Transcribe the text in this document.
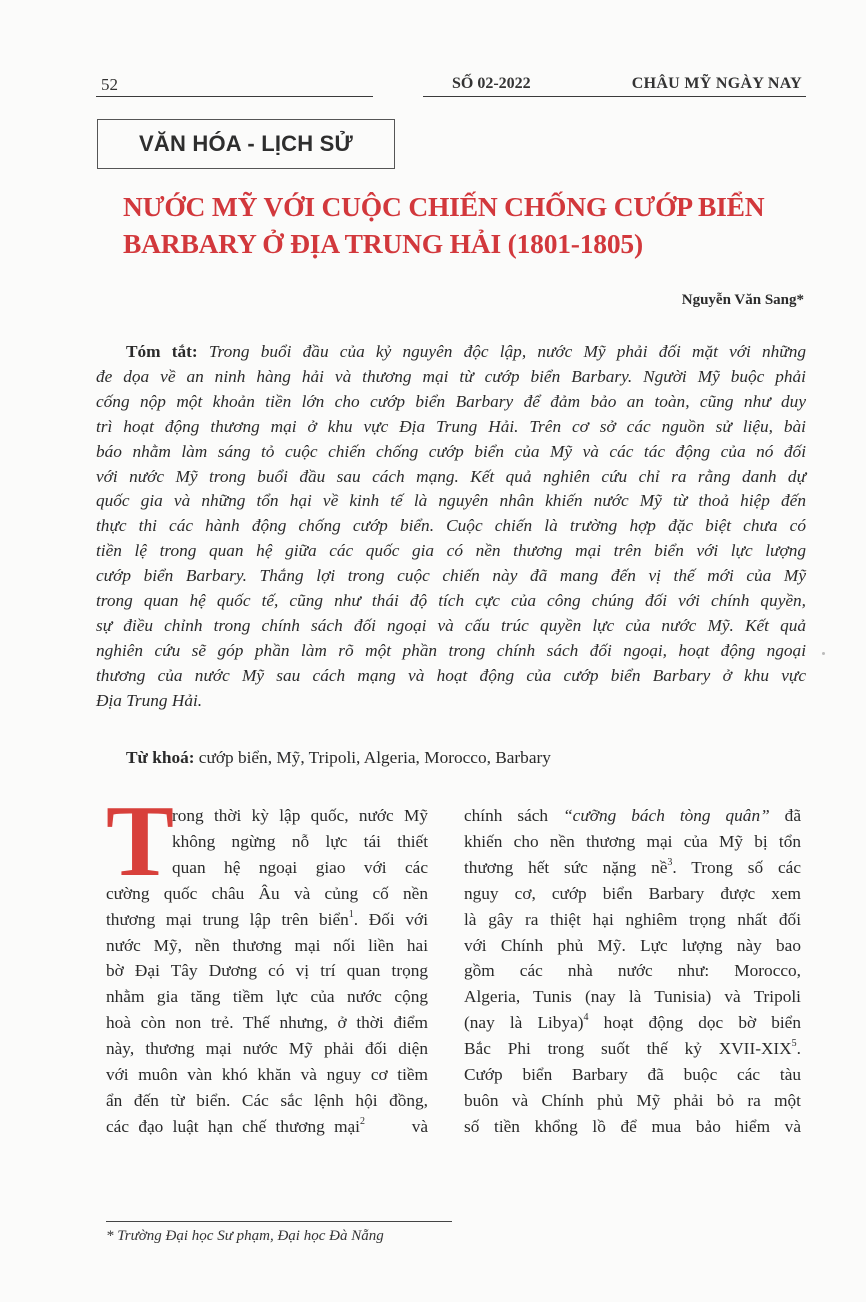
52	SỐ 02-2022	CHÂU MỸ NGÀY NAY
VĂN HÓA - LỊCH SỬ
NƯỚC MỸ VỚI CUỘC CHIẾN CHỐNG CƯỚP BIỂN
BARBARY Ở ĐỊA TRUNG HẢI (1801-1805)
Nguyễn Văn Sang*
Tóm tắt: Trong buổi đầu của kỷ nguyên độc lập, nước Mỹ phải đối mặt với những
đe dọa về an ninh hàng hải và thương mại từ cướp biển Barbary. Người Mỹ buộc phải
cống nộp một khoản tiền lớn cho cướp biển Barbary để đảm bảo an toàn, cũng như duy
trì hoạt động thương mại ở khu vực Địa Trung Hải. Trên cơ sở các nguồn sử liệu, bài
báo nhằm làm sáng tỏ cuộc chiến chống cướp biển của Mỹ và các tác động của nó đối
với nước Mỹ trong buổi đầu sau cách mạng. Kết quả nghiên cứu chỉ ra rằng danh dự
quốc gia và những tổn hại về kinh tế là nguyên nhân khiến nước Mỹ từ thoả hiệp đến
thực thi các hành động chống cướp biển. Cuộc chiến là trường hợp đặc biệt chưa có
tiền lệ trong quan hệ giữa các quốc gia có nền thương mại trên biển với lực lượng
cướp biển Barbary. Thắng lợi trong cuộc chiến này đã mang đến vị thế mới của Mỹ
trong quan hệ quốc tế, cũng như thái độ tích cực của công chúng đối với chính quyền,
sự điều chỉnh trong chính sách đối ngoại và cấu trúc quyền lực của nước Mỹ. Kết quả
nghiên cứu sẽ góp phần làm rõ một phần trong chính sách đối ngoại, hoạt động ngoại
thương của nước Mỹ sau cách mạng và hoạt động của cướp biển Barbary ở khu vực
Địa Trung Hải.
Từ khoá: cướp biển, Mỹ, Tripoli, Algeria, Morocco, Barbary
T
rong thời kỳ lập quốc, nước Mỹ
không ngừng nỗ lực tái thiết
quan hệ ngoại giao với các
cường quốc châu Âu và củng cố nền
thương mại trung lập trên biển$^1$. Đối với
nước Mỹ, nền thương mại nối liền hai
bờ Đại Tây Dương có vị trí quan trọng
nhằm gia tăng tiềm lực của nước cộng
hoà còn non trẻ. Thế nhưng, ở thời điểm
này, thương mại nước Mỹ phải đối diện
với muôn vàn khó khăn và nguy cơ tiềm
ẩn đến từ biển. Các sắc lệnh hội đồng,
các đạo luật hạn chế thương mại$^2$	và
chính sách “cưỡng bách tòng quân” đã
khiến cho nền thương mại của Mỹ bị tổn
thương hết sức nặng nề$^3$. Trong số các
nguy cơ, cướp biển Barbary được xem
là gây ra thiệt hại nghiêm trọng nhất đối
với Chính phủ Mỹ. Lực lượng này bao
gồm các nhà nước như: Morocco,
Algeria, Tunis (nay là Tunisia) và Tripoli
(nay là Libya)$^4$ hoạt động dọc bờ biển
Bắc Phi trong suốt thế kỷ XVII-XIX$^5$.
Cướp biển Barbary đã buộc các tàu
buôn và Chính phủ Mỹ phải bỏ ra một
số tiền khổng lồ để mua bảo hiểm và
* Trường Đại học Sư phạm, Đại học Đà Nẵng
